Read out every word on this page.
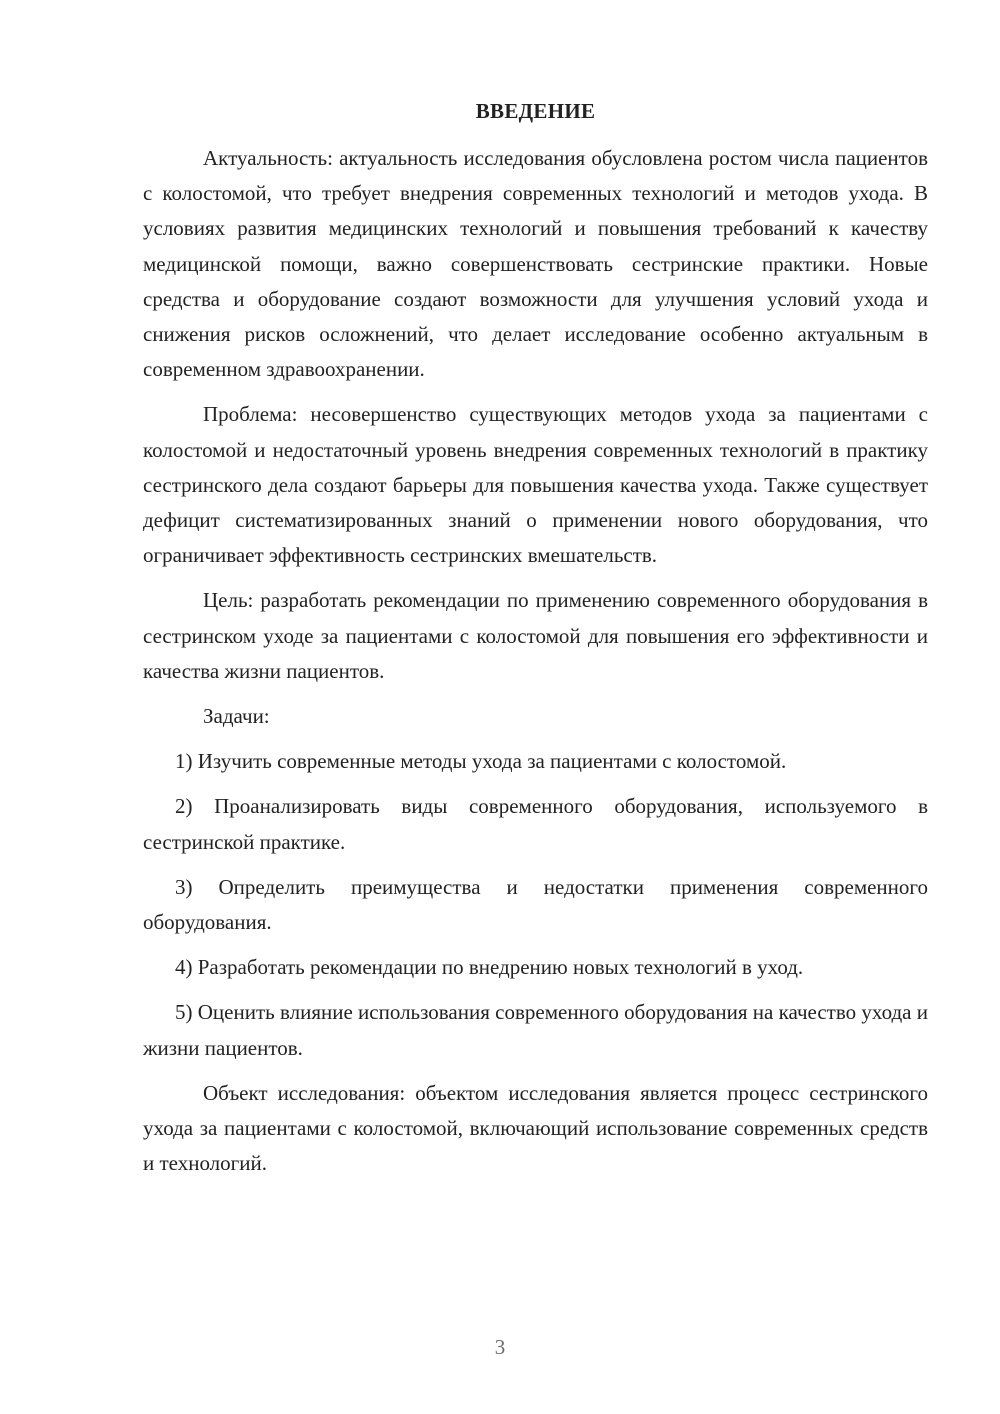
ВВЕДЕНИЕ

Актуальность: актуальность исследования обусловлена ростом числа пациентов с колостомой, что требует внедрения современных технологий и методов ухода. В условиях развития медицинских технологий и повышения требований к качеству медицинской помощи, важно совершенствовать сестринские практики. Новые средства и оборудование создают возможности для улучшения условий ухода и снижения рисков осложнений, что делает исследование особенно актуальным в современном здравоохранении.

Проблема: несовершенство существующих методов ухода за пациентами с колостомой и недостаточный уровень внедрения современных технологий в практику сестринского дела создают барьеры для повышения качества ухода. Также существует дефицит систематизированных знаний о применении нового оборудования, что ограничивает эффективность сестринских вмешательств.

Цель: разработать рекомендации по применению современного оборудования в сестринском уходе за пациентами с колостомой для повышения его эффективности и качества жизни пациентов.

Задачи:

1) Изучить современные методы ухода за пациентами с колостомой.

2) Проанализировать виды современного оборудования, используемого в сестринской практике.

3) Определить преимущества и недостатки применения современного оборудования.

4) Разработать рекомендации по внедрению новых технологий в уход.

5) Оценить влияние использования современного оборудования на качество ухода и жизни пациентов.

Объект исследования: объектом исследования является процесс сестринского ухода за пациентами с колостомой, включающий использование современных средств и технологий.

3
